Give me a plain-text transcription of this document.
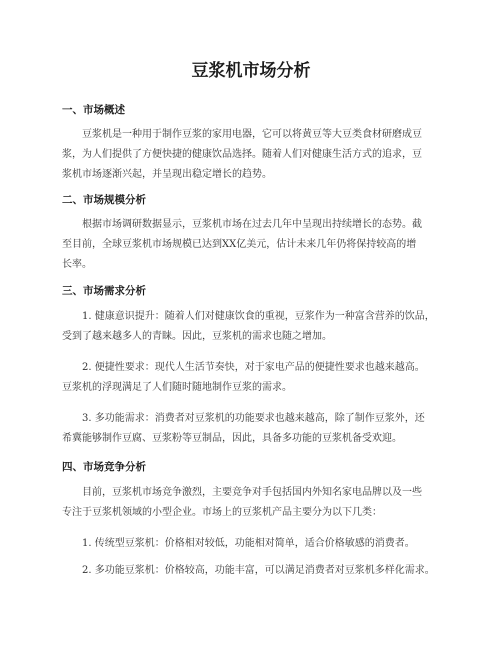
豆浆机市场分析
一、市场概述
豆浆机是一种用于制作豆浆的家用电器，它可以将黄豆等大豆类食材研磨成豆
浆，为人们提供了方便快捷的健康饮品选择。随着人们对健康生活方式的追求，豆
浆机市场逐渐兴起，并呈现出稳定增长的趋势。
二、市场规模分析
根据市场调研数据显示，豆浆机市场在过去几年中呈现出持续增长的态势。截
至目前，全球豆浆机市场规模已达到XX亿美元，估计未来几年仍将保持较高的增
长率。
三、市场需求分析
1. 健康意识提升：随着人们对健康饮食的重视，豆浆作为一种富含营养的饮品，
受到了越来越多人的青睐。因此，豆浆机的需求也随之增加。
2. 便捷性要求：现代人生活节奏快，对于家电产品的便捷性要求也越来越高。
豆浆机的浮现满足了人们随时随地制作豆浆的需求。
3. 多功能需求：消费者对豆浆机的功能要求也越来越高，除了制作豆浆外，还
希冀能够制作豆腐、豆浆粉等豆制品，因此，具备多功能的豆浆机备受欢迎。
四、市场竞争分析
目前，豆浆机市场竞争激烈，主要竞争对手包括国内外知名家电品牌以及一些
专注于豆浆机领域的小型企业。市场上的豆浆机产品主要分为以下几类：
1. 传统型豆浆机：价格相对较低，功能相对简单，适合价格敏感的消费者。
2. 多功能豆浆机：价格较高，功能丰富，可以满足消费者对豆浆机多样化需求。
